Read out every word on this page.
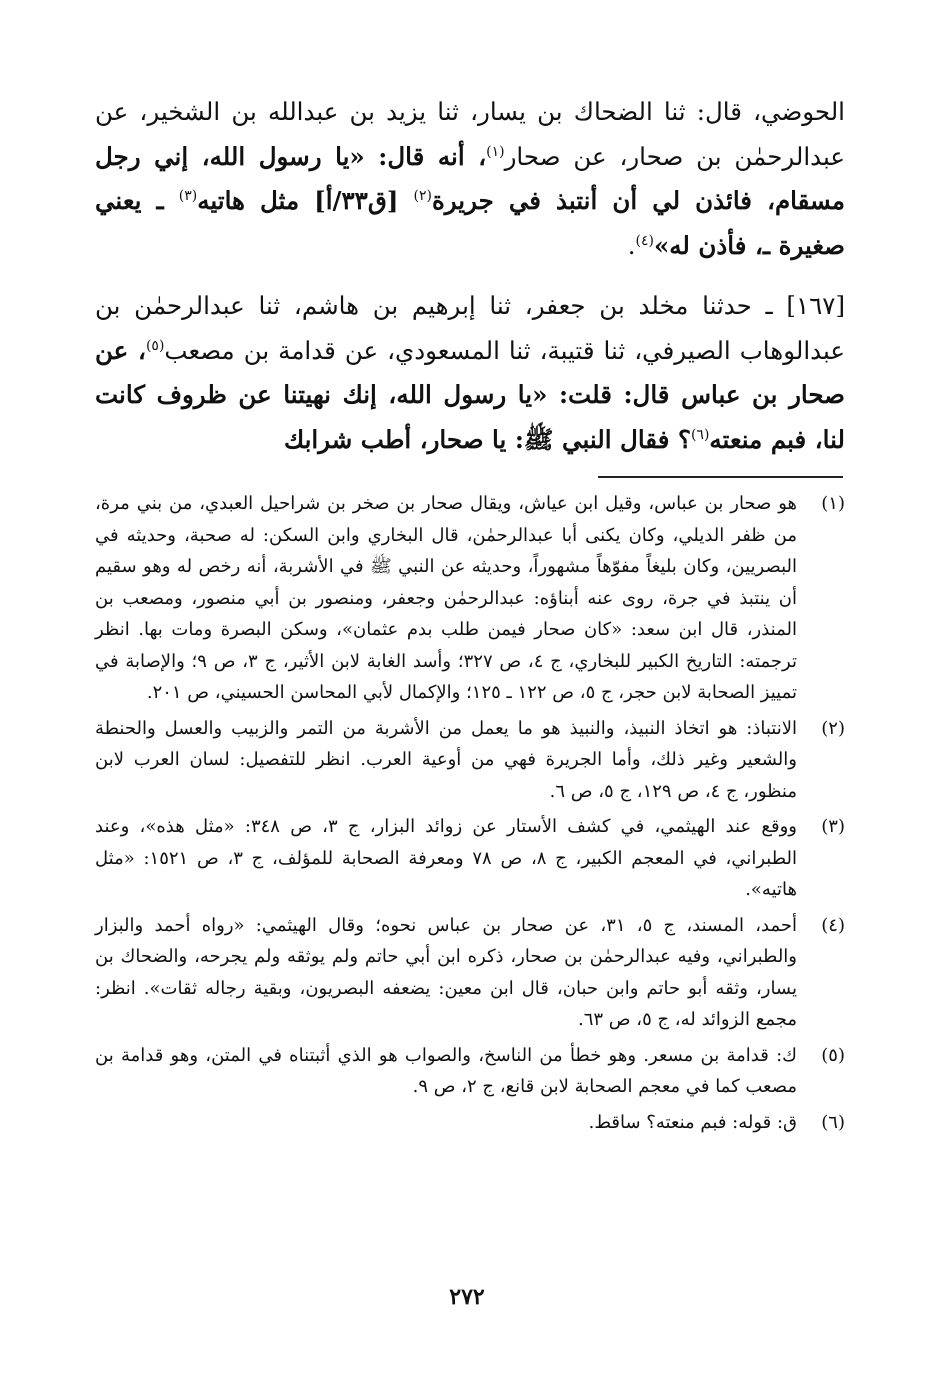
الحوضي، قال: ثنا الضحاك بن يسار، ثنا يزيد بن عبدالله بن الشخير، عن عبدالرحمٰن بن صحار، عن صحار$^{(١)}$، أنه قال: «يا رسول الله، إني رجل مسقام، فائذن لي أن أنتبذ في جريرة$^{(٢)}$ [ق٣٣/أ] مثل هاتيه$^{(٣)}$ ـ يعني صغيرة ـ، فأذن له»$^{(٤)}$.

[١٦٧] ـ حدثنا مخلد بن جعفر، ثنا إبرهيم بن هاشم، ثنا عبدالرحمٰن بن عبدالوهاب الصيرفي، ثنا قتيبة، ثنا المسعودي، عن قدامة بن مصعب$^{(٥)}$، عن صحار بن عباس قال: قلت: «يا رسول الله، إنك نهيتنا عن ظروف كانت لنا، فبم منعته$^{(٦)}$؟ فقال النبي ﷺ: يا صحار، أطب شرابك

(١)
هو صحار بن عباس، وقيل ابن عياش، ويقال صحار بن صخر بن شراحيل العبدي، من بني مرة، من ظفر الديلي، وكان يكنى أبا عبدالرحمٰن، قال البخاري وابن السكن: له صحبة، وحديثه في البصريين، وكان بليغاً مفوّهاً مشهوراً، وحديثه عن النبي ﷺ في الأشربة، أنه رخص له وهو سقيم أن ينتبذ في جرة، روى عنه أبناؤه: عبدالرحمٰن وجعفر، ومنصور بن أبي منصور، ومصعب بن المنذر، قال ابن سعد: «كان صحار فيمن طلب بدم عثمان»، وسكن البصرة ومات بها. انظر ترجمته: التاريخ الكبير للبخاري، ج ٤، ص ٣٢٧؛ وأسد الغابة لابن الأثير، ج ٣، ص ٩؛ والإصابة في تمييز الصحابة لابن حجر، ج ٥، ص ١٢٢ ـ ١٢٥؛ والإكمال لأبي المحاسن الحسيني، ص ٢٠١.
(٢)
الانتباذ: هو اتخاذ النبيذ، والنبيذ هو ما يعمل من الأشربة من التمر والزبيب والعسل والحنطة والشعير وغير ذلك، وأما الجريرة فهي من أوعية العرب. انظر للتفصيل: لسان العرب لابن منظور، ج ٤، ص ١٢٩، ج ٥، ص ٦.
(٣)
ووقع عند الهيثمي، في كشف الأستار عن زوائد البزار، ج ٣، ص ٣٤٨: «مثل هذه»، وعند الطبراني، في المعجم الكبير، ج ٨، ص ٧٨ ومعرفة الصحابة للمؤلف، ج ٣، ص ١٥٢١: «مثل هاتيه».
(٤)
أحمد، المسند، ج ٥، ٣١، عن صحار بن عباس نحوه؛ وقال الهيثمي: «رواه أحمد والبزار والطبراني، وفيه عبدالرحمٰن بن صحار، ذكره ابن أبي حاتم ولم يوثقه ولم يجرحه، والضحاك بن يسار، وثقه أبو حاتم وابن حبان، قال ابن معين: يضعفه البصريون، وبقية رجاله ثقات». انظر: مجمع الزوائد له، ج ٥، ص ٦٣.
(٥)
ك: قدامة بن مسعر. وهو خطأ من الناسخ، والصواب هو الذي أثبتناه في المتن، وهو قدامة بن مصعب كما في معجم الصحابة لابن قانع، ج ٢، ص ٩.
(٦)
ق: قوله: فبم منعته؟ ساقط.
٢٧٢
